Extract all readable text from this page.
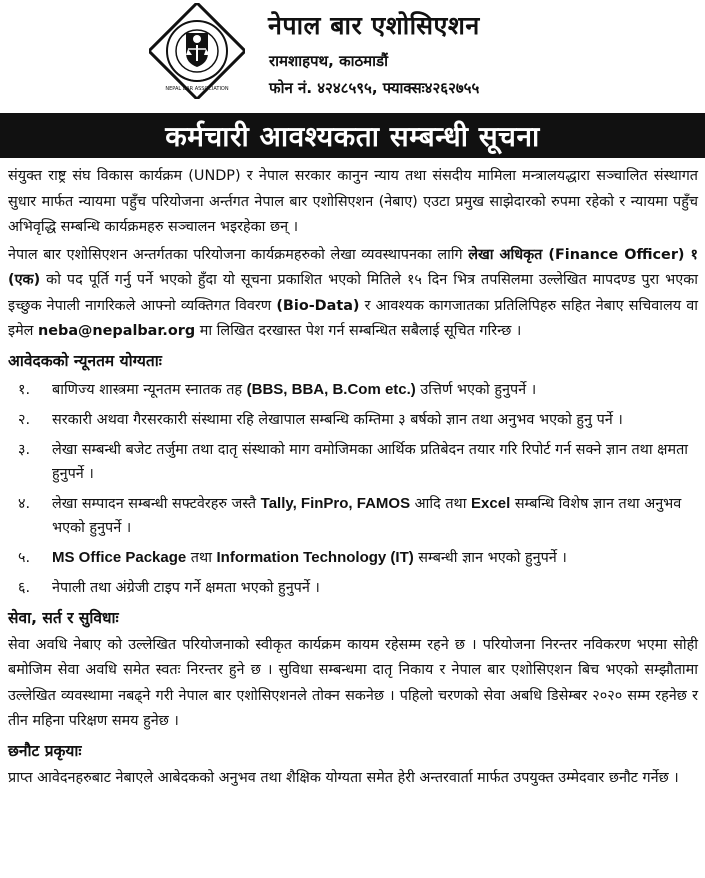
NEPAL BAR ASSOCIATION
नेपाल बार एशोसिएशन
रामशाहपथ, काठमाडौं
फोन नं. ४२४८५९५, फ्याक्सः४२६२७५५
कर्मचारी आवश्यकता सम्बन्धी सूचना

संयुक्त राष्ट्र संघ विकास कार्यक्रम (UNDP) र नेपाल सरकार कानुन न्याय तथा संसदीय मामिला मन्त्रालयद्धारा सञ्चालित संस्थागत सुधार मार्फत न्यायमा पहुँच परियोजना अर्न्तगत नेपाल बार एशोसिएशन (नेबाए) एउटा प्रमुख साझेदारको रुपमा रहेको र न्यायमा पहुँच अभिवृद्धि सम्बन्धि कार्यक्रमहरु सञ्चालन भइरहेका छन् ।

नेपाल बार एशोसिएशन अन्तर्गतका परियोजना कार्यक्रमहरुको लेखा व्यवस्थापनका लागि लेखा अधिकृत (Finance Officer) १ (एक) को पद पूर्ति गर्नु पर्ने भएको हुँदा यो सूचना प्रकाशित भएको मितिले १५ दिन भित्र तपसिलमा उल्लेखित मापदण्ड पुरा भएका इच्छुक नेपाली नागरिकले आफ्नो व्यक्तिगत विवरण (Bio-Data) र आवश्यक कागजातका प्रतिलिपिहरु सहित नेबाए सचिवालय वा इमेल neba@nepalbar.org मा लिखित दरखास्त पेश गर्न सम्बन्धित सबैलाई सूचित गरिन्छ ।

आवेदकको न्यूनतम योग्यताः
१.	बाणिज्य शास्त्रमा न्यूनतम स्नातक तह (BBS, BBA, B.Com etc.) उत्तिर्ण भएको हुनुपर्ने ।
२.	सरकारी अथवा गैरसरकारी संस्थामा रहि लेखापाल सम्बन्धि कम्तिमा ३ बर्षको ज्ञान तथा अनुभव भएको हुनु पर्ने ।
३.	लेखा सम्बन्धी बजेट तर्जुमा तथा दातृ संस्थाको माग वमोजिमका आर्थिक प्रतिबेदन तयार गरि रिपोर्ट गर्न सक्ने ज्ञान तथा क्षमता हुनुपर्ने ।
४.	लेखा सम्पादन सम्बन्धी सफ्टवेरहरु जस्तै Tally, FinPro, FAMOS आदि तथा Excel सम्बन्धि विशेष ज्ञान तथा अनुभव भएको हुनुपर्ने ।
५.	MS Office Package तथा Information Technology (IT) सम्बन्धी ज्ञान भएको हुनुपर्ने ।
६.	नेपाली तथा अंग्रेजी टाइप गर्ने क्षमता भएको हुनुपर्ने ।
सेवा, सर्त र सुविधाः

सेवा अवधि नेबाए को उल्लेखित परियोजनाको स्वीकृत कार्यक्रम कायम रहेसम्म रहने छ । परियोजना निरन्तर नविकरण भएमा सोही बमोजिम सेवा अवधि समेत स्वतः निरन्तर हुने छ । सुविधा सम्बन्धमा दातृ निकाय र नेपाल बार एशोसिएशन बिच भएको सम्झौतामा उल्लेखित व्यवस्थामा नबढ्ने गरी नेपाल बार एशोसिएशनले तोक्न सकनेछ । पहिलो चरणको सेवा अबधि डिसेम्बर २०२० सम्म रहनेछ र तीन महिना परिक्षण समय हुनेछ ।

छनौट प्रकृयाः

प्राप्त आवेदनहरुबाट नेबाएले आबेदकको अनुभव तथा शैक्षिक योग्यता समेत हेरी अन्तरवार्ता मार्फत उपयुक्त उम्मेदवार छनौट गर्नेछ ।
